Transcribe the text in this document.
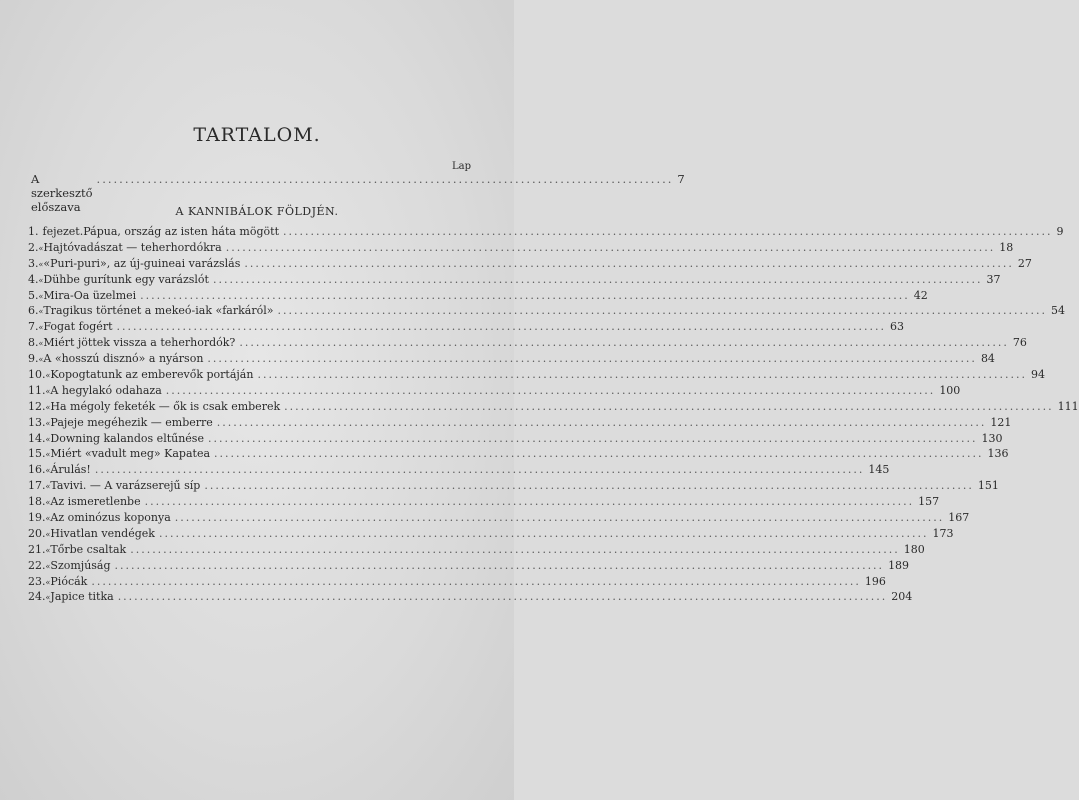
TARTALOM.
Lap
A szerkesztő előszava
...................................................................................................... 7
A KANNIBÁLOK FÖLDJÉN.
1. fejezet. Pápua, ország az isten háta mögött ............................................................................................................................................ 9
2. « Hajtóvadászat — teherhordókra ............................................................................................................................................ 18
3. « «Puri-puri», az új-guineai varázslás ............................................................................................................................................ 27
4. « Dühbe gurítunk egy varázslót ............................................................................................................................................ 37
5. « Mira-Oa üzelmei ............................................................................................................................................ 42
6. « Tragikus történet a mekeó-iak «farkáról» ............................................................................................................................................ 54
7. « Fogat fogért ............................................................................................................................................ 63
8. « Miért jöttek vissza a teherhordók? ............................................................................................................................................ 76
9. « A «hosszú disznó» a nyárson ............................................................................................................................................ 84
10. « Kopogtatunk az emberevők portáján ............................................................................................................................................ 94
11. « A hegylakó odahaza ............................................................................................................................................ 100
12. « Ha mégoly feketék — ők is csak emberek ............................................................................................................................................ 111
13. « Pajeje megéhezik — emberre ............................................................................................................................................ 121
14. « Downing kalandos eltűnése ............................................................................................................................................ 130
15. « Miért «vadult meg» Kapatea ............................................................................................................................................ 136
16. « Árulás! ............................................................................................................................................ 145
17. « Tavivi. — A varázserejű síp ............................................................................................................................................ 151
18. « Az ismeretlenbe ............................................................................................................................................ 157
19. « Az ominózus koponya ............................................................................................................................................ 167
20. « Hivatlan vendégek ............................................................................................................................................ 173
21. « Tőrbe csaltak ............................................................................................................................................ 180
22. « Szomjúság ............................................................................................................................................ 189
23. « Piócák ............................................................................................................................................ 196
24. « Japice titka ............................................................................................................................................ 204
